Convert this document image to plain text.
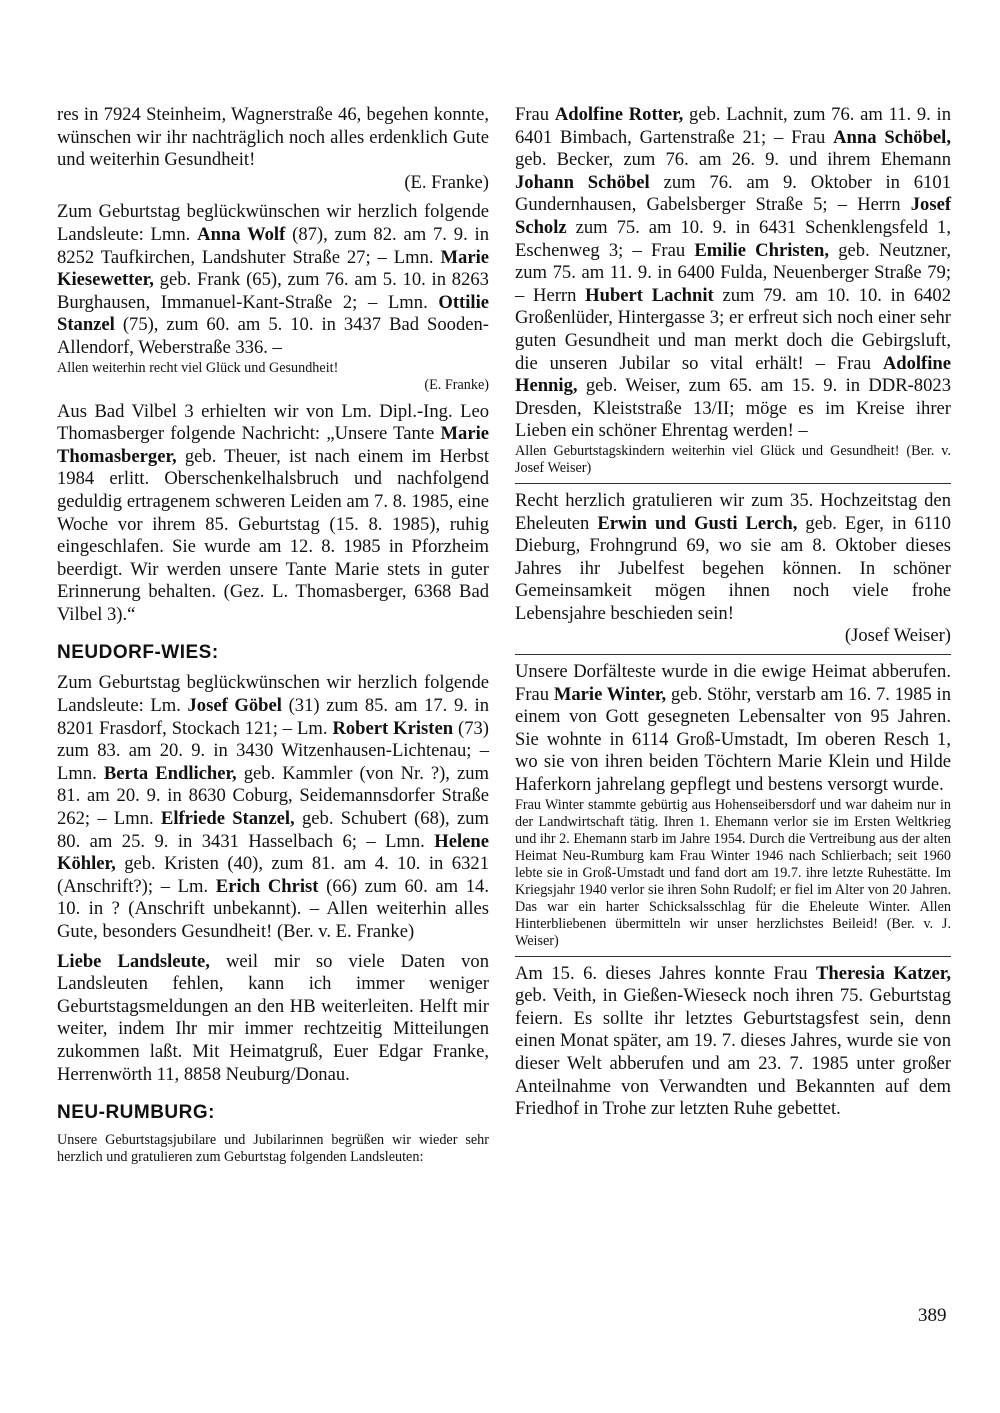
res in 7924 Steinheim, Wagnerstraße 46, begehen konnte, wünschen wir ihr nachträglich noch alles erdenklich Gute und weiterhin Gesundheit!
(E. Franke)

Zum Geburtstag beglückwünschen wir herzlich folgende Landsleute: Lmn. Anna Wolf (87), zum 82. am 7. 9. in 8252 Taufkirchen, Landshuter Straße 27; – Lmn. Marie Kiesewetter, geb. Frank (65), zum 76. am 5. 10. in 8263 Burghausen, Immanuel-Kant-Straße 2; – Lmn. Ottilie Stanzel (75), zum 60. am 5. 10. in 3437 Bad Sooden-Allendorf, Weberstraße 336. –

Allen weiterhin recht viel Glück und Gesundheit!
(E. Franke)

Aus Bad Vilbel 3 erhielten wir von Lm. Dipl.-Ing. Leo Thomasberger folgende Nachricht: „Unsere Tante Marie Thomasberger, geb. Theuer, ist nach einem im Herbst 1984 erlitt. Oberschenkelhalsbruch und nachfolgend geduldig ertragenem schweren Leiden am 7. 8. 1985, eine Woche vor ihrem 85. Geburtstag (15. 8. 1985), ruhig eingeschlafen. Sie wurde am 12. 8. 1985 in Pforzheim beerdigt. Wir werden unsere Tante Marie stets in guter Erinnerung behalten. (Gez. L. Thomasberger, 6368 Bad Vilbel 3).“

NEUDORF-WIES:

Zum Geburtstag beglückwünschen wir herzlich folgende Landsleute: Lm. Josef Göbel (31) zum 85. am 17. 9. in 8201 Frasdorf, Stockach 121; – Lm. Robert Kristen (73) zum 83. am 20. 9. in 3430 Witzenhausen-Lichtenau; – Lmn. Berta Endlicher, geb. Kammler (von Nr. ?), zum 81. am 20. 9. in 8630 Coburg, Seidemannsdorfer Straße 262; – Lmn. Elfriede Stanzel, geb. Schubert (68), zum 80. am 25. 9. in 3431 Hasselbach 6; – Lmn. Helene Köhler, geb. Kristen (40), zum 81. am 4. 10. in 6321 (Anschrift?); – Lm. Erich Christ (66) zum 60. am 14. 10. in ? (Anschrift unbekannt). – Allen weiterhin alles Gute, besonders Gesundheit! (Ber. v. E. Franke)

Liebe Landsleute, weil mir so viele Daten von Landsleuten fehlen, kann ich immer weniger Geburtstagsmeldungen an den HB weiterleiten. Helft mir weiter, indem Ihr mir immer rechtzeitig Mitteilungen zukommen laßt. Mit Heimatgruß, Euer Edgar Franke, Herrenwörth 11, 8858 Neuburg/Donau.

NEU-RUMBURG:

Unsere Geburtstagsjubilare und Jubilarinnen begrüßen wir wieder sehr herzlich und gratulieren zum Geburtstag folgenden Landsleuten:

Frau Adolfine Rotter, geb. Lachnit, zum 76. am 11. 9. in 6401 Bimbach, Gartenstraße 21; – Frau Anna Schöbel, geb. Becker, zum 76. am 26. 9. und ihrem Ehemann Johann Schöbel zum 76. am 9. Oktober in 6101 Gundernhausen, Gabelsberger Straße 5; – Herrn Josef Scholz zum 75. am 10. 9. in 6431 Schenklengsfeld 1, Eschenweg 3; – Frau Emilie Christen, geb. Neutzner, zum 75. am 11. 9. in 6400 Fulda, Neuenberger Straße 79; – Herrn Hubert Lachnit zum 79. am 10. 10. in 6402 Großenlüder, Hintergasse 3; er erfreut sich noch einer sehr guten Gesundheit und man merkt doch die Gebirgsluft, die unseren Jubilar so vital erhält! – Frau Adolfine Hennig, geb. Weiser, zum 65. am 15. 9. in DDR-8023 Dresden, Kleiststraße 13/II; möge es im Kreise ihrer Lieben ein schöner Ehrentag werden! –

Allen Geburtstagskindern weiterhin viel Glück und Gesundheit! (Ber. v. Josef Weiser)

Recht herzlich gratulieren wir zum 35. Hochzeitstag den Eheleuten Erwin und Gusti Lerch, geb. Eger, in 6110 Dieburg, Frohngrund 69, wo sie am 8. Oktober dieses Jahres ihr Jubelfest begehen können. In schöner Gemeinsamkeit mögen ihnen noch viele frohe Lebensjahre beschieden sein!
(Josef Weiser)

Unsere Dorfälteste wurde in die ewige Heimat abberufen. Frau Marie Winter, geb. Stöhr, verstarb am 16. 7. 1985 in einem von Gott gesegneten Lebensalter von 95 Jahren. Sie wohnte in 6114 Groß-Umstadt, Im oberen Resch 1, wo sie von ihren beiden Töchtern Marie Klein und Hilde Haferkorn jahrelang gepflegt und bestens versorgt wurde.

Frau Winter stammte gebürtig aus Hohenseibersdorf und war daheim nur in der Landwirtschaft tätig. Ihren 1. Ehemann verlor sie im Ersten Weltkrieg und ihr 2. Ehemann starb im Jahre 1954. Durch die Vertreibung aus der alten Heimat Neu-Rumburg kam Frau Winter 1946 nach Schlierbach; seit 1960 lebte sie in Groß-Umstadt und fand dort am 19.7. ihre letzte Ruhestätte. Im Kriegsjahr 1940 verlor sie ihren Sohn Rudolf; er fiel im Alter von 20 Jahren. Das war ein harter Schicksalsschlag für die Eheleute Winter. Allen Hinterbliebenen übermitteln wir unser herzlichstes Beileid! (Ber. v. J. Weiser)

Am 15. 6. dieses Jahres konnte Frau Theresia Katzer, geb. Veith, in Gießen-Wieseck noch ihren 75. Geburtstag feiern. Es sollte ihr letztes Geburtstagsfest sein, denn einen Monat später, am 19. 7. dieses Jahres, wurde sie von dieser Welt abberufen und am 23. 7. 1985 unter großer Anteilnahme von Verwandten und Bekannten auf dem Friedhof in Trohe zur letzten Ruhe gebettet.

389
